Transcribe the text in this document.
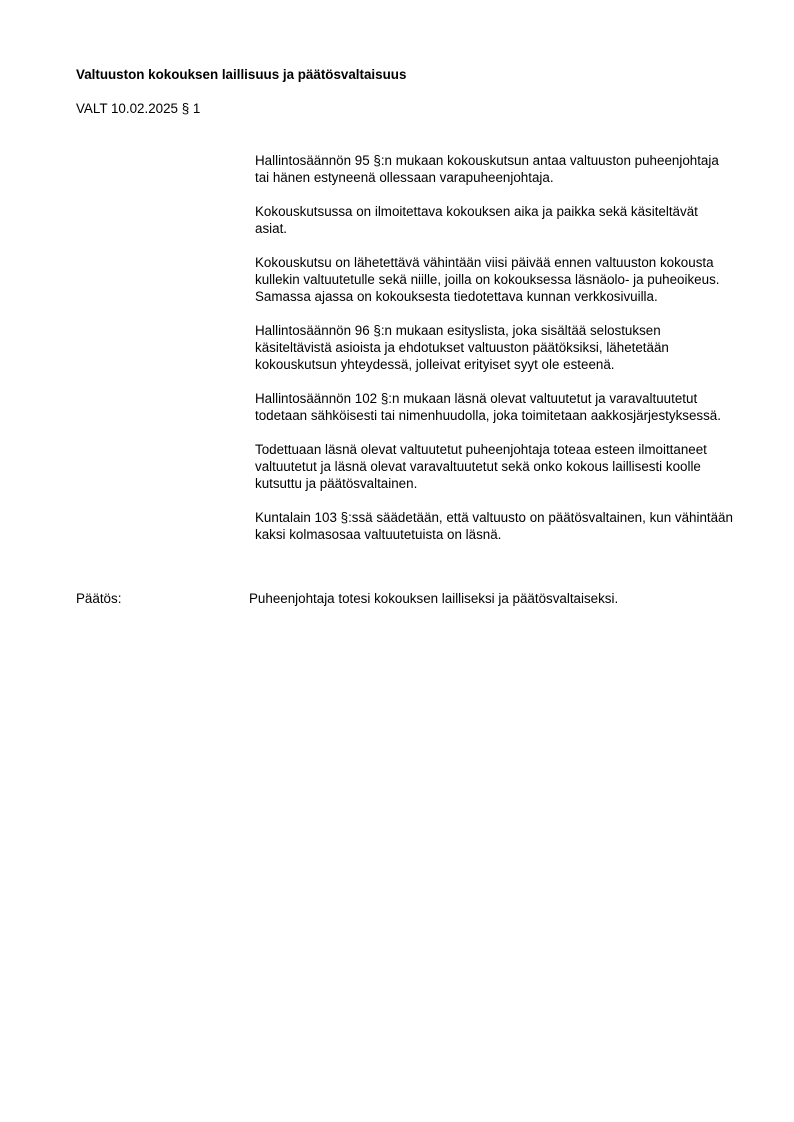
Valtuuston kokouksen laillisuus ja päätösvaltaisuus

VALT 10.02.2025 § 1

Hallintosäännön 95 §:n mukaan kokouskutsun antaa valtuuston puheenjohtaja tai hänen estyneenä ollessaan varapuheenjohtaja.

Kokouskutsussa on ilmoitettava kokouksen aika ja paikka sekä käsiteltävät asiat.

Kokouskutsu on lähetettävä vähintään viisi päivää ennen valtuuston kokousta kullekin valtuutetulle sekä niille, joilla on kokouksessa läsnäolo- ja puheoikeus. Samassa ajassa on kokouksesta tiedotettava kunnan verkkosivuilla.

Hallintosäännön 96 §:n mukaan esityslista, joka sisältää selostuksen käsiteltävistä asioista ja ehdotukset valtuuston päätöksiksi, lähetetään kokouskutsun yhteydessä, jolleivat erityiset syyt ole esteenä.

Hallintosäännön 102 §:n mukaan läsnä olevat valtuutetut ja varavaltuutetut todetaan sähköisesti tai nimenhuudolla, joka toimitetaan aakkosjärjestyksessä.

Todettuaan läsnä olevat valtuutetut puheenjohtaja toteaa esteen ilmoittaneet valtuutetut ja läsnä olevat varavaltuutetut sekä onko kokous laillisesti koolle kutsuttu ja päätösvaltainen.

Kuntalain 103 §:ssä säädetään, että valtuusto on päätösvaltainen, kun vähintään kaksi kolmasosaa valtuutetuista on läsnä.

Päätös:	Puheenjohtaja totesi kokouksen lailliseksi ja päätösvaltaiseksi.
